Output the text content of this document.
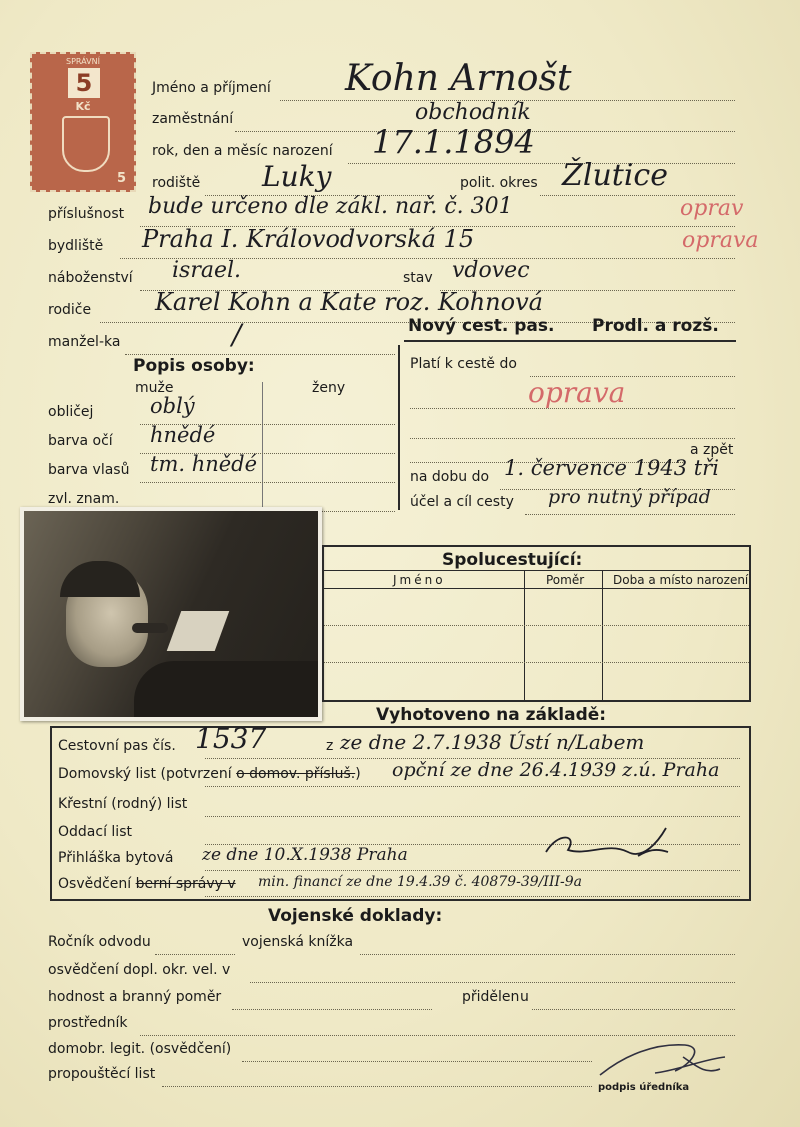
SPRÁVNÍ
5
Kč
5
Jméno a příjmení Kohn Arnošt
zaměstnání	obchodník
rok, den a měsíc narození 17.1.1894
rodiště Luky	polit. okres Žlutice
příslušnost bude určeno dle zákl. nař. č. 301	oprav
bydliště Praha I. Královodvorská 15	oprava
náboženství israel.	stav vdovec
rodiče	Karel Kohn a Kate roz. Kohnová
manžel-ka	/	Nový cest. pas. Prodl. a rozš.
Popis osoby:
muže	ženy
obličej	oblý
barva očí hnědé
barva vlasů tm. hnědé
zvl. znam.
Platí k cestě do
oprava
a zpět
na dobu do 1. července 1943 tři
účel a cíl cesty pro nutný případ
Spolucestující:
Jméno	Poměr Doba a místo narození
Vyhotoveno na základě:
Cestovní pas čís. 1537	z ze dne 2.7.1938 Ústí n/Labem
Domovský list (potvrzení o domov. přísluš.) opční ze dne 26.4.1939 z.ú. Praha
Křestní (rodný) list
Oddací list
Přihláška bytová ze dne 10.X.1938 Praha
Osvědčení berní správy v min. financí ze dne 19.4.39 č. 40879-39/III-9a
Vojenské doklady:
Ročník odvodu	vojenská knížka
osvědčení dopl. okr. vel. v
hodnost a branný poměr	přidělen u
prostředník
domobr. legit. (osvědčení)
propouštěcí list
podpis úředníka
